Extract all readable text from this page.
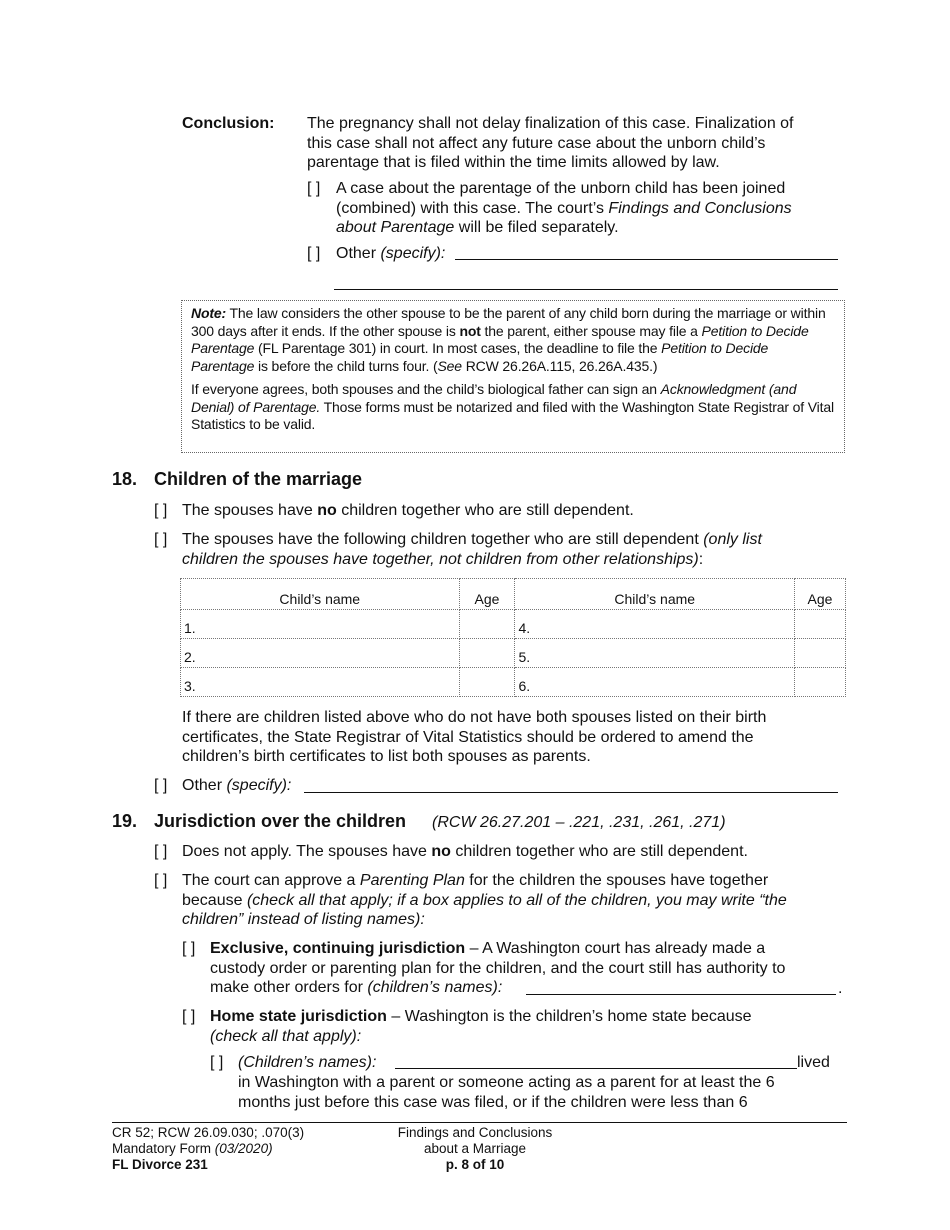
Conclusion: The pregnancy shall not delay finalization of this case. Finalization of
this case shall not affect any future case about the unborn child’s
parentage that is filed within the time limits allowed by law.
[ ] A case about the parentage of the unborn child has been joined
(combined) with this case. The court’s Findings and Conclusions
about Parentage will be filed separately.
[ ] Other (specify):

Note: The law considers the other spouse to be the parent of any child born during the marriage or within 300 days after it ends. If the other spouse is not the parent, either spouse may file a Petition to Decide Parentage (FL Parentage 301) in court. In most cases, the deadline to file the Petition to Decide Parentage is before the child turns four. (See RCW 26.26A.115, 26.26A.435.)

If everyone agrees, both spouses and the child’s biological father can sign an Acknowledgment (and Denial) of Parentage. Those forms must be notarized and filed with the Washington State Registrar of Vital Statistics to be valid.

18. Children of the marriage
[ ] The spouses have no children together who are still dependent.
[ ] The spouses have the following children together who are still dependent (only list
children the spouses have together, not children from other relationships):
Child’s name	Age	Child’s name	Age
1.		4.	
2.		5.	
3.		6.	
If there are children listed above who do not have both spouses listed on their birth
certificates, the State Registrar of Vital Statistics should be ordered to amend the
children’s birth certificates to list both spouses as parents.
[ ] Other (specify):
19. Jurisdiction over the children (RCW 26.27.201 – .221, .231, .261, .271)
[ ] Does not apply. The spouses have no children together who are still dependent.
[ ] The court can approve a Parenting Plan for the children the spouses have together
because (check all that apply; if a box applies to all of the children, you may write “the
children” instead of listing names):
[ ] Exclusive, continuing jurisdiction – A Washington court has already made a
custody order or parenting plan for the children, and the court still has authority to
make other orders for (children’s names):	.
[ ] Home state jurisdiction – Washington is the children’s home state because
(check all that apply):
[ ] (Children’s names):	lived
in Washington with a parent or someone acting as a parent for at least the 6
months just before this case was filed, or if the children were less than 6
CR 52; RCW 26.09.030; .070(3)
Mandatory Form (03/2020)
FL Divorce 231
Findings and Conclusions
about a Marriage
p. 8 of 10
